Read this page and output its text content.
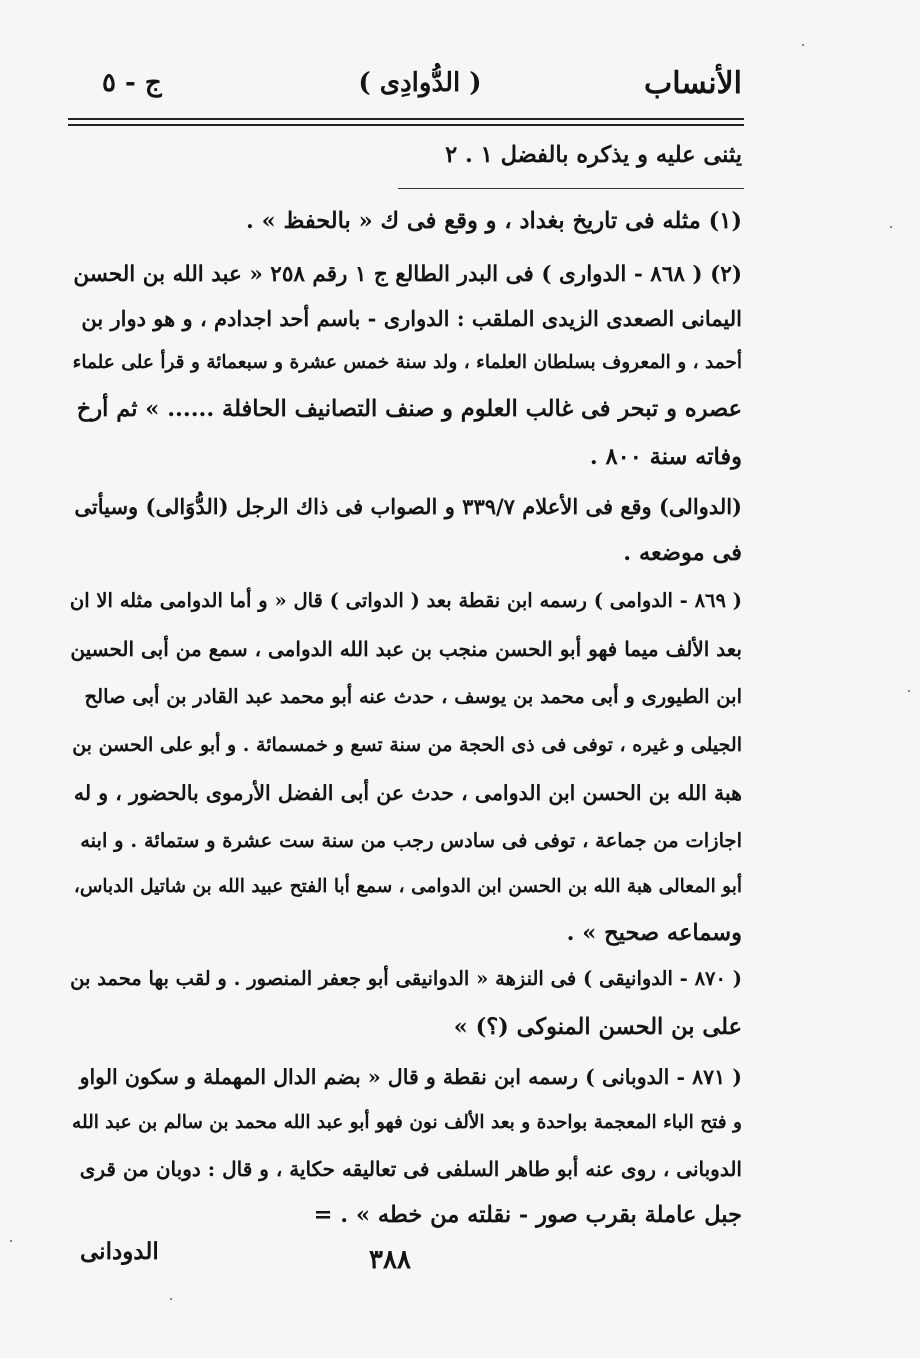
الأنساب
( الدُّوادِى )
ج - ٥
يثنى عليه و يذكره بالفضل ١ . ٢
(١) مثله فى تاريخ بغداد ، و وقع فى ك « بالحفظ » .
(٢) ( ٨٦٨ - الدوارى ) فى البدر الطالع ج ١ رقم ٢٥٨ « عبد الله بن الحسن
اليمانى الصعدى الزيدى الملقب : الدوارى - باسم أحد اجدادم ، و هو دوار بن
أحمد ، و المعروف بسلطان العلماء ، ولد سنة خمس عشرة و سبعمائة و قرأ على علماء
عصره و تبحر فى غالب العلوم و صنف التصانيف الحافلة ...... » ثم أرخ
وفاته سنة ٨٠٠ .
(الدوالى) وقع فى الأعلام ٣٣٩/٧ و الصواب فى ذاك الرجل (الدُّوَالى) وسيأتى
فى موضعه .
( ٨٦٩ - الدوامى ) رسمه ابن نقطة بعد ( الدواتى ) قال « و أما الدوامى مثله الا ان
بعد الألف ميما فهو أبو الحسن منجب بن عبد الله الدوامى ، سمع من أبى الحسين
ابن الطيورى و أبى محمد بن يوسف ، حدث عنه أبو محمد عبد القادر بن أبى صالح
الجيلى و غيره ، توفى فى ذى الحجة من سنة تسع و خمسمائة . و أبو على الحسن بن
هبة الله بن الحسن ابن الدوامى ، حدث عن أبى الفضل الأرموى بالحضور ، و له
اجازات من جماعة ، توفى فى سادس رجب من سنة ست عشرة و ستمائة . و ابنه
أبو المعالى هبة الله بن الحسن ابن الدوامى ، سمع أبا الفتح عبيد الله بن شاتيل الدباس،
وسماعه صحيح » .
( ٨٧٠ - الدوانيقى ) فى النزهة « الدوانيقى أبو جعفر المنصور . و لقب بها محمد بن
على بن الحسن المنوكى (؟) »
( ٨٧١ - الدوبانى ) رسمه ابن نقطة و قال « بضم الدال المهملة و سكون الواو
و فتح الباء المعجمة بواحدة و بعد الألف نون فهو أبو عبد الله محمد بن سالم بن عبد الله
الدوبانى ، روى عنه أبو طاهر السلفى فى تعاليقه حكاية ، و قال : دوبان من قرى
جبل عاملة بقرب صور - نقلته من خطه » . =
٣٨٨
الدودانى
